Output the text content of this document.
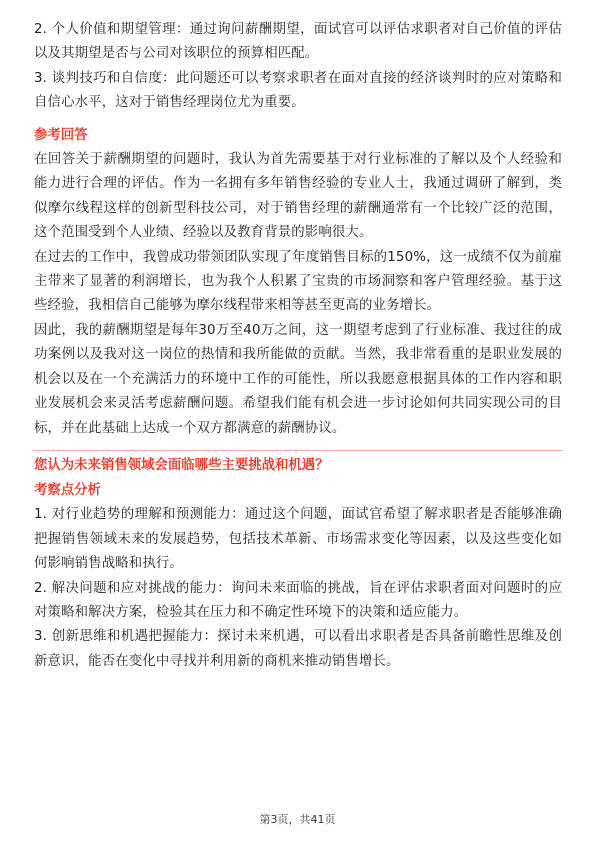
2. 个人价值和期望管理：通过询问薪酬期望，面试官可以评估求职者对自己价值的评估以及其期望是否与公司对该职位的预算相匹配。

3. 谈判技巧和自信度：此问题还可以考察求职者在面对直接的经济谈判时的应对策略和自信心水平，这对于销售经理岗位尤为重要。

参考回答

在回答关于薪酬期望的问题时，我认为首先需要基于对行业标准的了解以及个人经验和能力进行合理的评估。作为一名拥有多年销售经验的专业人士，我通过调研了解到，类似摩尔线程这样的创新型科技公司，对于销售经理的薪酬通常有一个比较广泛的范围，这个范围受到个人业绩、经验以及教育背景的影响很大。

在过去的工作中，我曾成功带领团队实现了年度销售目标的150%，这一成绩不仅为前雇主带来了显著的利润增长，也为我个人积累了宝贵的市场洞察和客户管理经验。基于这些经验，我相信自己能够为摩尔线程带来相等甚至更高的业务增长。

因此，我的薪酬期望是每年30万至40万之间，这一期望考虑到了行业标准、我过往的成功案例以及我对这一岗位的热情和我所能做的贡献。当然，我非常看重的是职业发展的机会以及在一个充满活力的环境中工作的可能性，所以我愿意根据具体的工作内容和职业发展机会来灵活考虑薪酬问题。希望我们能有机会进一步讨论如何共同实现公司的目标，并在此基础上达成一个双方都满意的薪酬协议。

您认为未来销售领域会面临哪些主要挑战和机遇？
考察点分析

1. 对行业趋势的理解和预测能力：通过这个问题，面试官希望了解求职者是否能够准确把握销售领域未来的发展趋势，包括技术革新、市场需求变化等因素，以及这些变化如何影响销售战略和执行。

2. 解决问题和应对挑战的能力：询问未来面临的挑战，旨在评估求职者面对问题时的应对策略和解决方案，检验其在压力和不确定性环境下的决策和适应能力。

3. 创新思维和机遇把握能力：探讨未来机遇，可以看出求职者是否具备前瞻性思维及创新意识，能否在变化中寻找并利用新的商机来推动销售增长。

第3页，共41页
